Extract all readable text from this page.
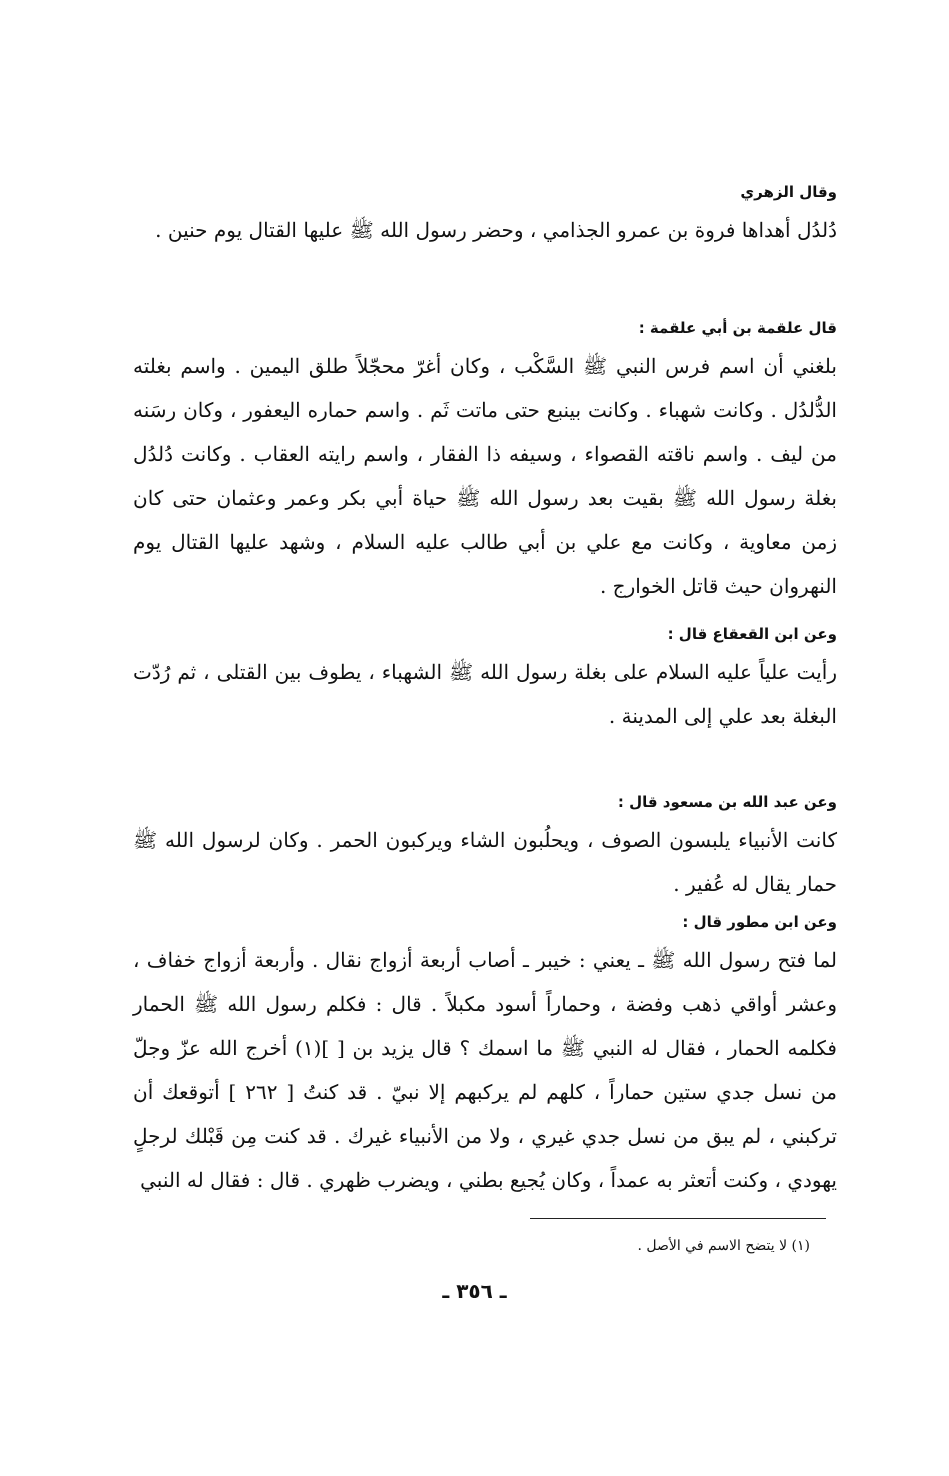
وقال الزهري

دُلدُل أهداها فروة بن عمرو الجذامي ، وحضر رسول الله ﷺ عليها القتال يوم حنين .

قال علقمة بن أبي علقمة :

بلغني أن اسم فرس النبي ﷺ السَّكْب ، وكان أغرّ محجّلاً طلق اليمين . واسم بغلته الدُّلدُل . وكانت شهباء . وكانت بينبع حتى ماتت ثَم . واسم حماره اليعفور ، وكان رسَنه من ليف . واسم ناقته القصواء ، وسيفه ذا الفقار ، واسم رايته العقاب . وكانت دُلدُل بغلة رسول الله ﷺ بقيت بعد رسول الله ﷺ حياة أبي بكر وعمر وعثمان حتى كان زمن معاوية ، وكانت مع علي بن أبي طالب عليه السلام ، وشهد عليها القتال يوم النهروان حيث قاتل الخوارج .

وعن ابن القعقاع قال :

رأيت علياً عليه السلام على بغلة رسول الله ﷺ الشهباء ، يطوف بين القتلى ، ثم رُدّت البغلة بعد علي إلى المدينة .

وعن عبد الله بن مسعود قال :

كانت الأنبياء يلبسون الصوف ، ويحلُبون الشاء ويركبون الحمر . وكان لرسول الله ﷺ حمار يقال له عُفير .

وعن ابن مطور قال :

لما فتح رسول الله ﷺ ـ يعني : خيبر ـ أصاب أربعة أزواج نقال . وأربعة أزواج خفاف ، وعشر أواقي ذهب وفضة ، وحماراً أسود مكبلاً . قال : فكلم رسول الله ﷺ الحمار فكلمه الحمار ، فقال له النبي ﷺ ما اسمك ؟ قال يزيد بن [ ](١) أخرج الله عزّ وجلّ من نسل جدي ستين حماراً ، كلهم لم يركبهم إلا نبيّ . قد كنتُ [ ٢٦٢ ] أتوقعك أن تركبني ، لم يبق من نسل جدي غيري ، ولا من الأنبياء غيرك . قد كنت مِن قَبْلك لرجلٍ يهودي ، وكنت أتعثر به عمداً ، وكان يُجيع بطني ، ويضرب ظهري . قال : فقال له النبي

(١) لا يتضح الاسم في الأصل .
ـ ٣٥٦ ـ
